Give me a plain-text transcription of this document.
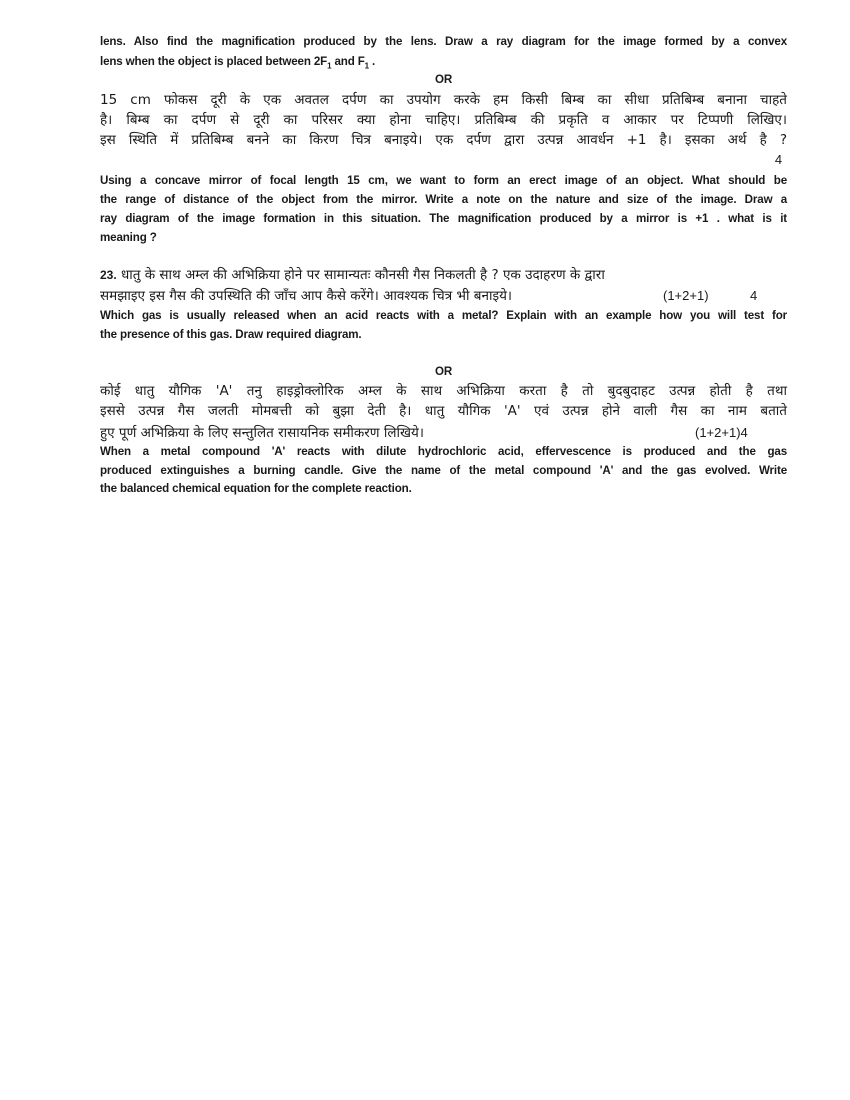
lens. Also find the magnification produced by the lens. Draw a ray diagram for the image formed by a convex
lens when the object is placed between $2F_1$ and $F_1$ .
OR
15 cm फोकस दूरी के एक अवतल दर्पण का उपयोग करके हम किसी बिम्ब का सीधा प्रतिबिम्ब बनाना चाहते
है। बिम्ब का दर्पण से दूरी का परिसर क्या होना चाहिए। प्रतिबिम्ब की प्रकृति व आकार पर टिप्पणी लिखिए।
इस स्थिति में प्रतिबिम्ब बनने का किरण चित्र बनाइये। एक दर्पण द्वारा उत्पन्न आवर्धन +1 है। इसका अर्थ है ?
4
Using a concave mirror of focal length 15 cm, we want to form an erect image of an object. What should be
the range of distance of the object from the mirror. Write a note on the nature and size of the image. Draw a
ray diagram of the image formation in this situation. The magnification produced by a mirror is +1 . what is it
meaning ?
23. धातु के साथ अम्ल की अभिक्रिया होने पर सामान्यतः कौनसी गैस निकलती है ? एक उदाहरण के द्वारा
समझाइए इस गैस की उपस्थिति की जाँच आप कैसे करेंगे। आवश्यक चित्र भी बनाइये।	(1+2+1)	4
Which gas is usually released when an acid reacts with a metal? Explain with an example how you will test for
the presence of this gas. Draw required diagram.
OR
कोई धातु यौगिक 'A' तनु हाइड्रोक्लोरिक अम्ल के साथ अभिक्रिया करता है तो बुदबुदाहट उत्पन्न होती है तथा
इससे उत्पन्न गैस जलती मोमबत्ती को बुझा देती है। धातु यौगिक 'A' एवं उत्पन्न होने वाली गैस का नाम बताते
हुए पूर्ण अभिक्रिया के लिए सन्तुलित रासायनिक समीकरण लिखिये।	(1+2+1)4
When a metal compound 'A' reacts with dilute hydrochloric acid, effervescence is produced and the gas
produced extinguishes a burning candle. Give the name of the metal compound 'A' and the gas evolved. Write
the balanced chemical equation for the complete reaction.
